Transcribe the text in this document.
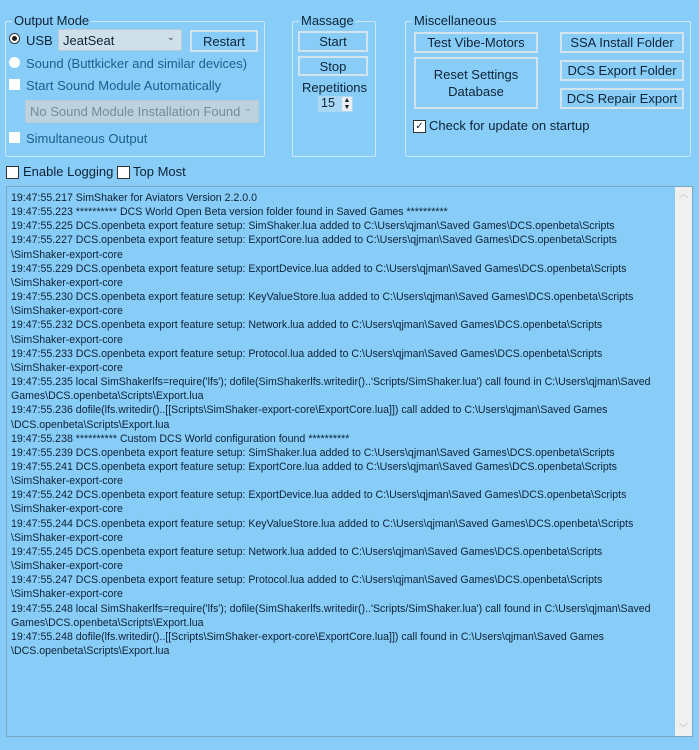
Output Mode
USB JeatSeat	⌄	Restart
Sound (Buttkicker and similar devices)
Start Sound Module Automatically
No Sound Module Installation Found ⌄
Simultaneous Output
Massage
Start
Stop
Repetitions
15 ▲
▼
Miscellaneous
Test Vibe-Motors
Reset Settings
Database
SSA Install Folder
DCS Export Folder
DCS Repair Export
✓ Check for update on startup
Enable Logging Top Most
19:47:55.217 SimShaker for Aviators Version 2.2.0.0
19:47:55.223 ********** DCS World Open Beta version folder found in Saved Games **********
19:47:55.225 DCS.openbeta export feature setup: SimShaker.lua added to C:\Users\qjman\Saved Games\DCS.openbeta\Scripts
19:47:55.227 DCS.openbeta export feature setup: ExportCore.lua added to C:\Users\qjman\Saved Games\DCS.openbeta\Scripts
\SimShaker-export-core
19:47:55.229 DCS.openbeta export feature setup: ExportDevice.lua added to C:\Users\qjman\Saved Games\DCS.openbeta\Scripts
\SimShaker-export-core
19:47:55.230 DCS.openbeta export feature setup: KeyValueStore.lua added to C:\Users\qjman\Saved Games\DCS.openbeta\Scripts
\SimShaker-export-core
19:47:55.232 DCS.openbeta export feature setup: Network.lua added to C:\Users\qjman\Saved Games\DCS.openbeta\Scripts
\SimShaker-export-core
19:47:55.233 DCS.openbeta export feature setup: Protocol.lua added to C:\Users\qjman\Saved Games\DCS.openbeta\Scripts
\SimShaker-export-core
19:47:55.235 local SimShakerlfs=require('lfs'); dofile(SimShakerlfs.writedir()..'Scripts/SimShaker.lua') call found in C:\Users\qjman\Saved
Games\DCS.openbeta\Scripts\Export.lua
19:47:55.236 dofile(lfs.writedir()..[[Scripts\SimShaker-export-core\ExportCore.lua]]) call added to C:\Users\qjman\Saved Games
\DCS.openbeta\Scripts\Export.lua
19:47:55.238 ********** Custom DCS World configuration found **********
19:47:55.239 DCS.openbeta export feature setup: SimShaker.lua added to C:\Users\qjman\Saved Games\DCS.openbeta\Scripts
19:47:55.241 DCS.openbeta export feature setup: ExportCore.lua added to C:\Users\qjman\Saved Games\DCS.openbeta\Scripts
\SimShaker-export-core
19:47:55.242 DCS.openbeta export feature setup: ExportDevice.lua added to C:\Users\qjman\Saved Games\DCS.openbeta\Scripts
\SimShaker-export-core
19:47:55.244 DCS.openbeta export feature setup: KeyValueStore.lua added to C:\Users\qjman\Saved Games\DCS.openbeta\Scripts
\SimShaker-export-core
19:47:55.245 DCS.openbeta export feature setup: Network.lua added to C:\Users\qjman\Saved Games\DCS.openbeta\Scripts
\SimShaker-export-core
19:47:55.247 DCS.openbeta export feature setup: Protocol.lua added to C:\Users\qjman\Saved Games\DCS.openbeta\Scripts
\SimShaker-export-core
19:47:55.248 local SimShakerlfs=require('lfs'); dofile(SimShakerlfs.writedir()..'Scripts/SimShaker.lua') call found in C:\Users\qjman\Saved
Games\DCS.openbeta\Scripts\Export.lua
19:47:55.248 dofile(lfs.writedir()..[[Scripts\SimShaker-export-core\ExportCore.lua]]) call found in C:\Users\qjman\Saved Games
\DCS.openbeta\Scripts\Export.lua
︿
﹀
